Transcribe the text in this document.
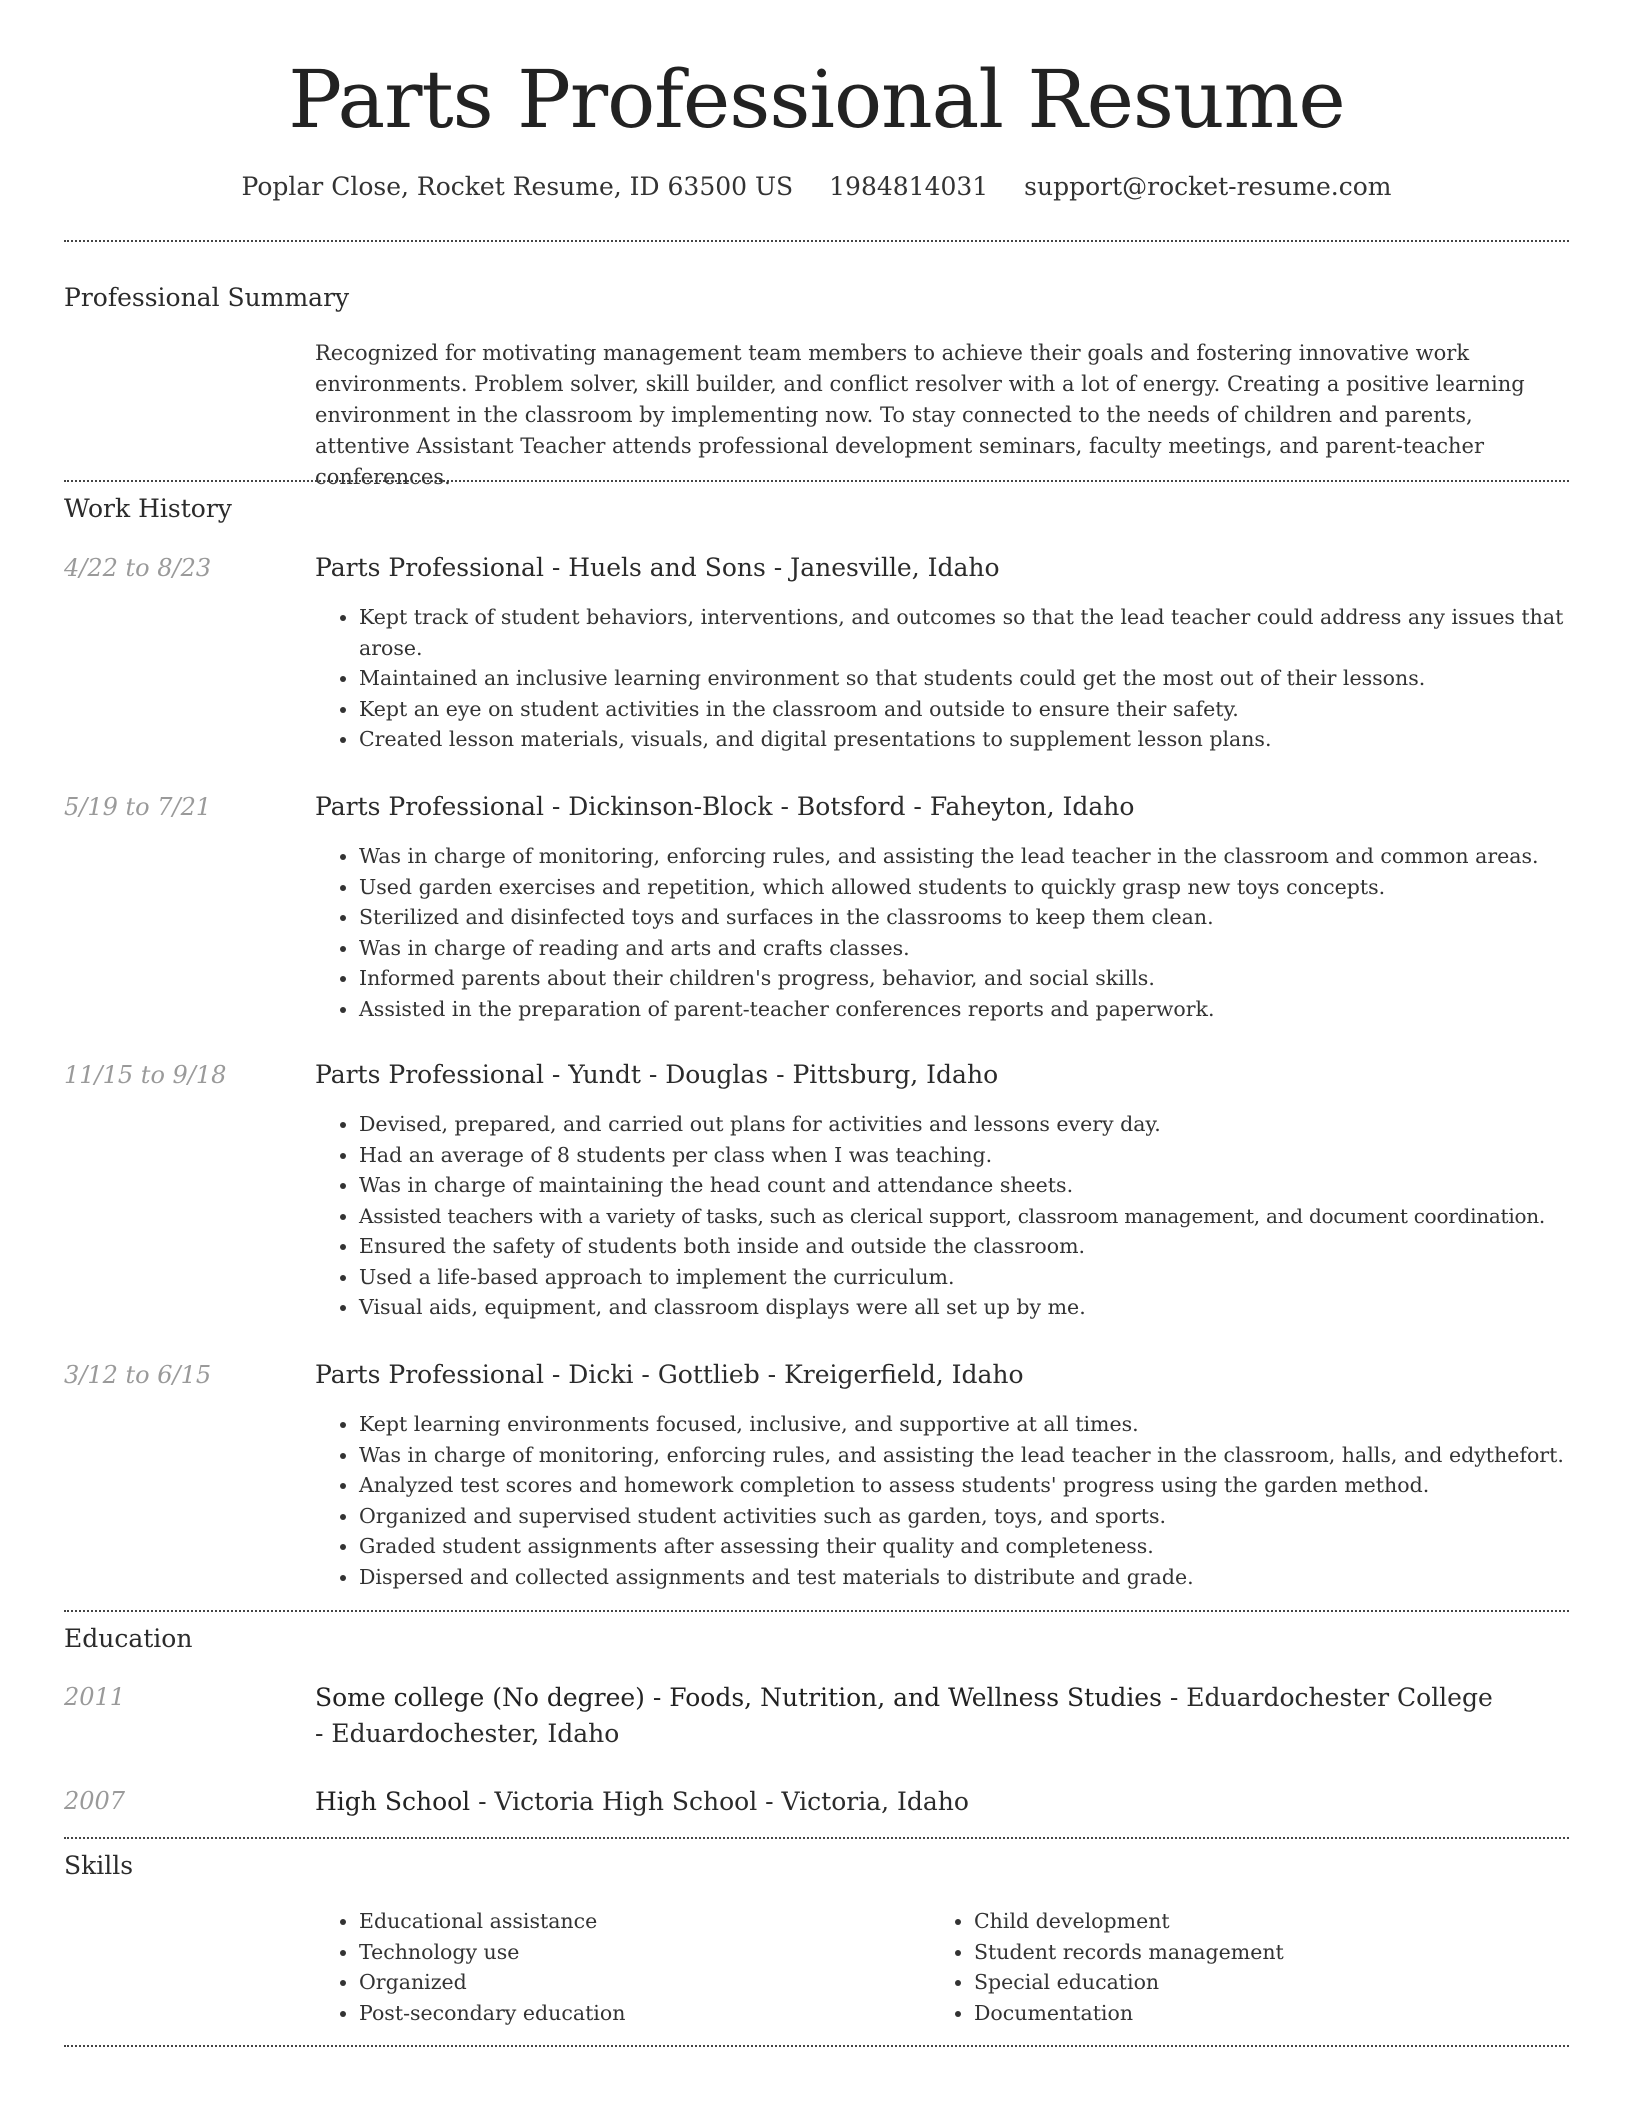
Parts Professional Resume
Poplar Close, Rocket Resume, ID 63500 US 1984814031 support@rocket-resume.com
Professional Summary
Recognized for motivating management team members to achieve their goals and fostering innovative work environments. Problem solver, skill builder, and conflict resolver with a lot of energy. Creating a positive learning environment in the classroom by implementing now. To stay connected to the needs of children and parents, attentive Assistant Teacher attends professional development seminars, faculty meetings, and parent-teacher conferences.
Work History
4/22 to 8/23	Parts Professional - Huels and Sons - Janesville, Idaho
• Kept track of student behaviors, interventions, and outcomes so that the lead teacher could address any issues that arose.
• Maintained an inclusive learning environment so that students could get the most out of their lessons.
• Kept an eye on student activities in the classroom and outside to ensure their safety.
• Created lesson materials, visuals, and digital presentations to supplement lesson plans.
5/19 to 7/21	Parts Professional - Dickinson-Block - Botsford - Faheyton, Idaho
• Was in charge of monitoring, enforcing rules, and assisting the lead teacher in the classroom and common areas.
• Used garden exercises and repetition, which allowed students to quickly grasp new toys concepts.
• Sterilized and disinfected toys and surfaces in the classrooms to keep them clean.
• Was in charge of reading and arts and crafts classes.
• Informed parents about their children's progress, behavior, and social skills.
• Assisted in the preparation of parent-teacher conferences reports and paperwork.
11/15 to 9/18	Parts Professional - Yundt - Douglas - Pittsburg, Idaho
• Devised, prepared, and carried out plans for activities and lessons every day.
• Had an average of 8 students per class when I was teaching.
• Was in charge of maintaining the head count and attendance sheets.
• Assisted teachers with a variety of tasks, such as clerical support, classroom management, and document coordination.
• Ensured the safety of students both inside and outside the classroom.
• Used a life-based approach to implement the curriculum.
• Visual aids, equipment, and classroom displays were all set up by me.
3/12 to 6/15	Parts Professional - Dicki - Gottlieb - Kreigerfield, Idaho
• Kept learning environments focused, inclusive, and supportive at all times.
• Was in charge of monitoring, enforcing rules, and assisting the lead teacher in the classroom, halls, and edythefort.
• Analyzed test scores and homework completion to assess students' progress using the garden method.
• Organized and supervised student activities such as garden, toys, and sports.
• Graded student assignments after assessing their quality and completeness.
• Dispersed and collected assignments and test materials to distribute and grade.
Education
2011	Some college (No degree) - Foods, Nutrition, and Wellness Studies - Eduardochester College - Eduardochester, Idaho
2007	High School - Victoria High School - Victoria, Idaho
Skills
• Educational assistance
• Technology use
• Organized
• Post-secondary education
• Child development
• Student records management
• Special education
• Documentation
